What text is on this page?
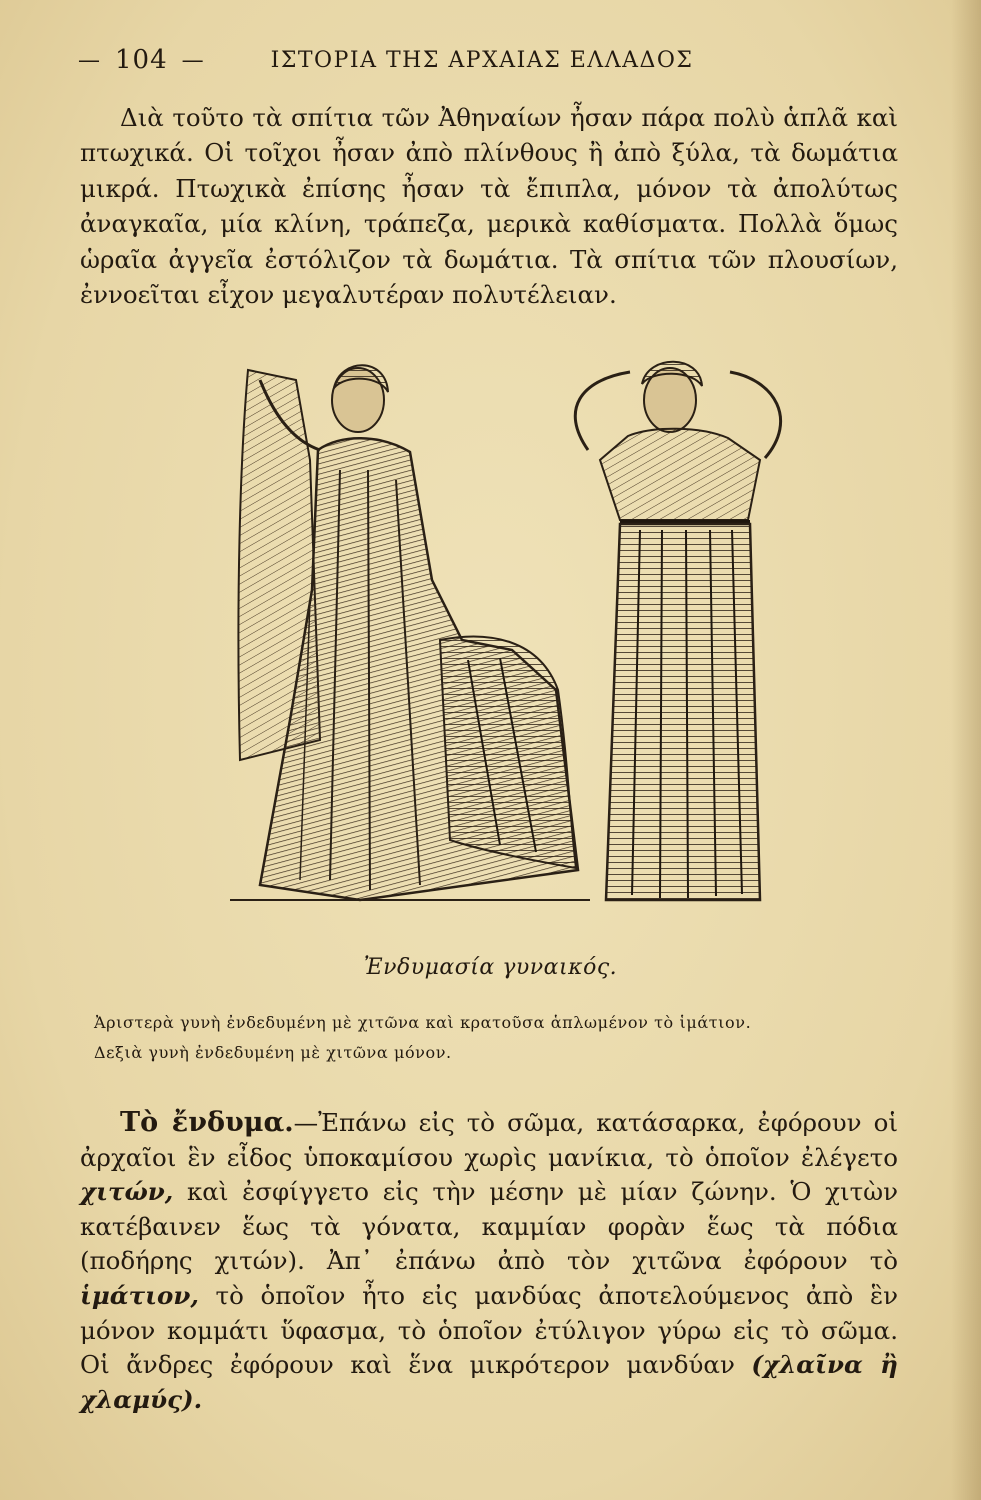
— 104 —	ΙΣΤΟΡΙΑ ΤΗΣ ΑΡΧΑΙΑΣ ΕΛΛΑΔΟΣ
Διὰ τοῦτο τὰ σπίτια τῶν Ἀθηναίων ἦσαν πάρα πολὺ ἁπλᾶ καὶ πτωχικά. Οἱ τοῖχοι ἦσαν ἀπὸ πλίνθους ἢ ἀπὸ ξύλα, τὰ δωμάτια μικρά. Πτωχικὰ ἐπίσης ἦσαν τὰ ἔπιπλα, μόνον τὰ ἀπολύτως ἀναγκαῖα, μία κλίνη, τράπεζα, μερικὰ καθίσματα. Πολλὰ ὅμως ὡραῖα ἀγγεῖα ἐστόλιζον τὰ δωμάτια. Τὰ σπίτια τῶν πλουσίων, ἐννοεῖται εἶχον μεγαλυτέραν πολυτέλειαν.
Ἐνδυμασία γυναικός.
Ἀριστερὰ γυνὴ ἐνδεδυμένη μὲ χιτῶνα καὶ κρατοῦσα ἁπλωμένον τὸ ἱμάτιον.
Δεξιὰ γυνὴ ἐνδεδυμένη μὲ χιτῶνα μόνον.
Τὸ ἔνδυμα.—Ἐπάνω εἰς τὸ σῶμα, κατάσαρκα, ἐφόρουν οἱ ἀρχαῖοι ἓν εἶδος ὑποκαμίσου χωρὶς μανίκια, τὸ ὁποῖον ἐλέγετο χιτών, καὶ ἐσφίγγετο εἰς τὴν μέσην μὲ μίαν ζώνην. Ὁ χιτὼν κατέβαινεν ἕως τὰ γόνατα, καμμίαν φορὰν ἕως τὰ πόδια (ποδήρης χιτών). Ἀπ᾽ ἐπάνω ἀπὸ τὸν χιτῶνα ἐφόρουν τὸ ἱμάτιον, τὸ ὁποῖον ἦτο εἰς μανδύας ἀποτελούμενος ἀπὸ ἓν μόνον κομμάτι ὕφασμα, τὸ ὁποῖον ἐτύλιγον γύρω εἰς τὸ σῶμα. Οἱ ἄνδρες ἐφόρουν καὶ ἕνα μικρότερον μανδύαν (χλαῖνα ἢ χλαμύς).
